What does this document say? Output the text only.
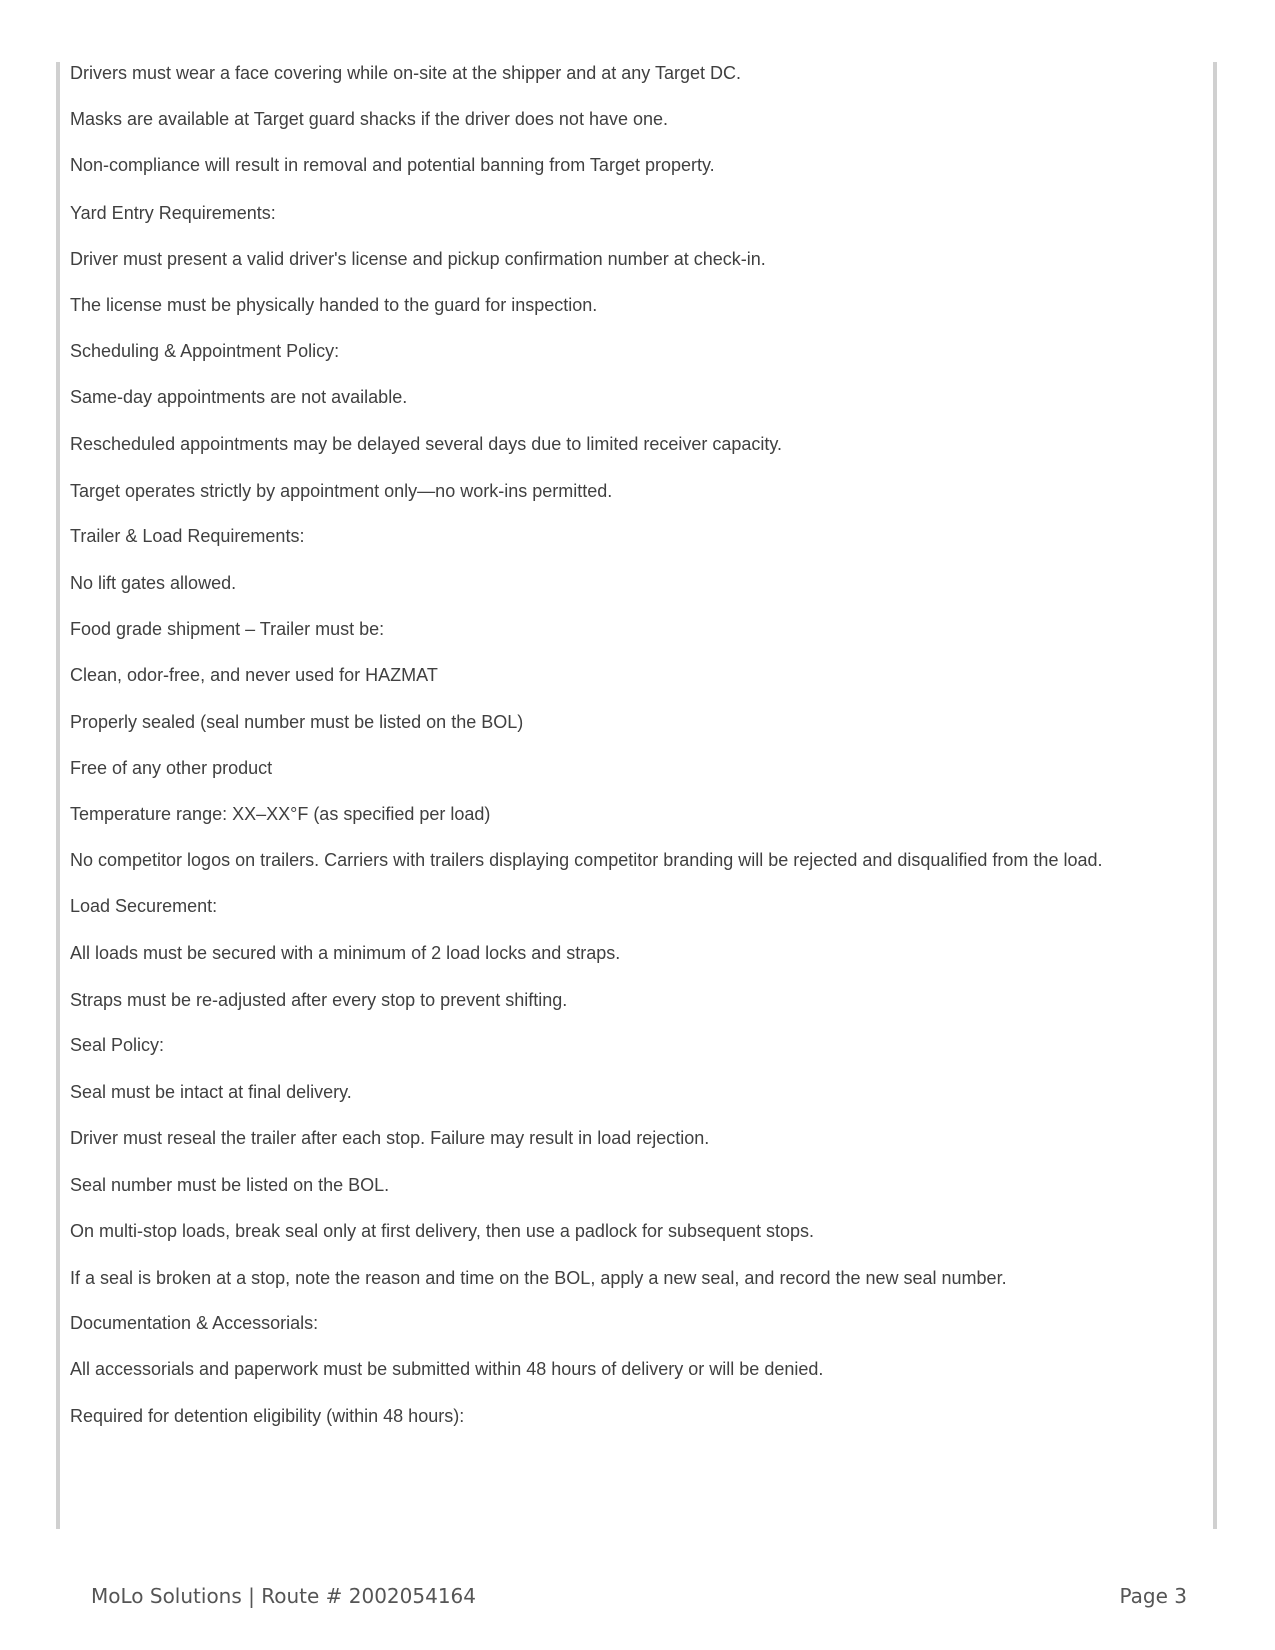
Drivers must wear a face covering while on-site at the shipper and at any Target DC.

Masks are available at Target guard shacks if the driver does not have one.

Non-compliance will result in removal and potential banning from Target property.

Yard Entry Requirements:

Driver must present a valid driver's license and pickup confirmation number at check-in.

The license must be physically handed to the guard for inspection.

Scheduling & Appointment Policy:

Same-day appointments are not available.

Rescheduled appointments may be delayed several days due to limited receiver capacity.

Target operates strictly by appointment only—no work-ins permitted.

Trailer & Load Requirements:

No lift gates allowed.

Food grade shipment – Trailer must be:

Clean, odor-free, and never used for HAZMAT

Properly sealed (seal number must be listed on the BOL)

Free of any other product

Temperature range: XX–XX°F (as specified per load)

No competitor logos on trailers. Carriers with trailers displaying competitor branding will be rejected and disqualified from the load.

Load Securement:

All loads must be secured with a minimum of 2 load locks and straps.

Straps must be re-adjusted after every stop to prevent shifting.

Seal Policy:

Seal must be intact at final delivery.

Driver must reseal the trailer after each stop. Failure may result in load rejection.

Seal number must be listed on the BOL.

On multi-stop loads, break seal only at first delivery, then use a padlock for subsequent stops.

If a seal is broken at a stop, note the reason and time on the BOL, apply a new seal, and record the new seal number.

Documentation & Accessorials:

All accessorials and paperwork must be submitted within 48 hours of delivery or will be denied.

Required for detention eligibility (within 48 hours):

MoLo Solutions | Route # 2002054164	Page 3
